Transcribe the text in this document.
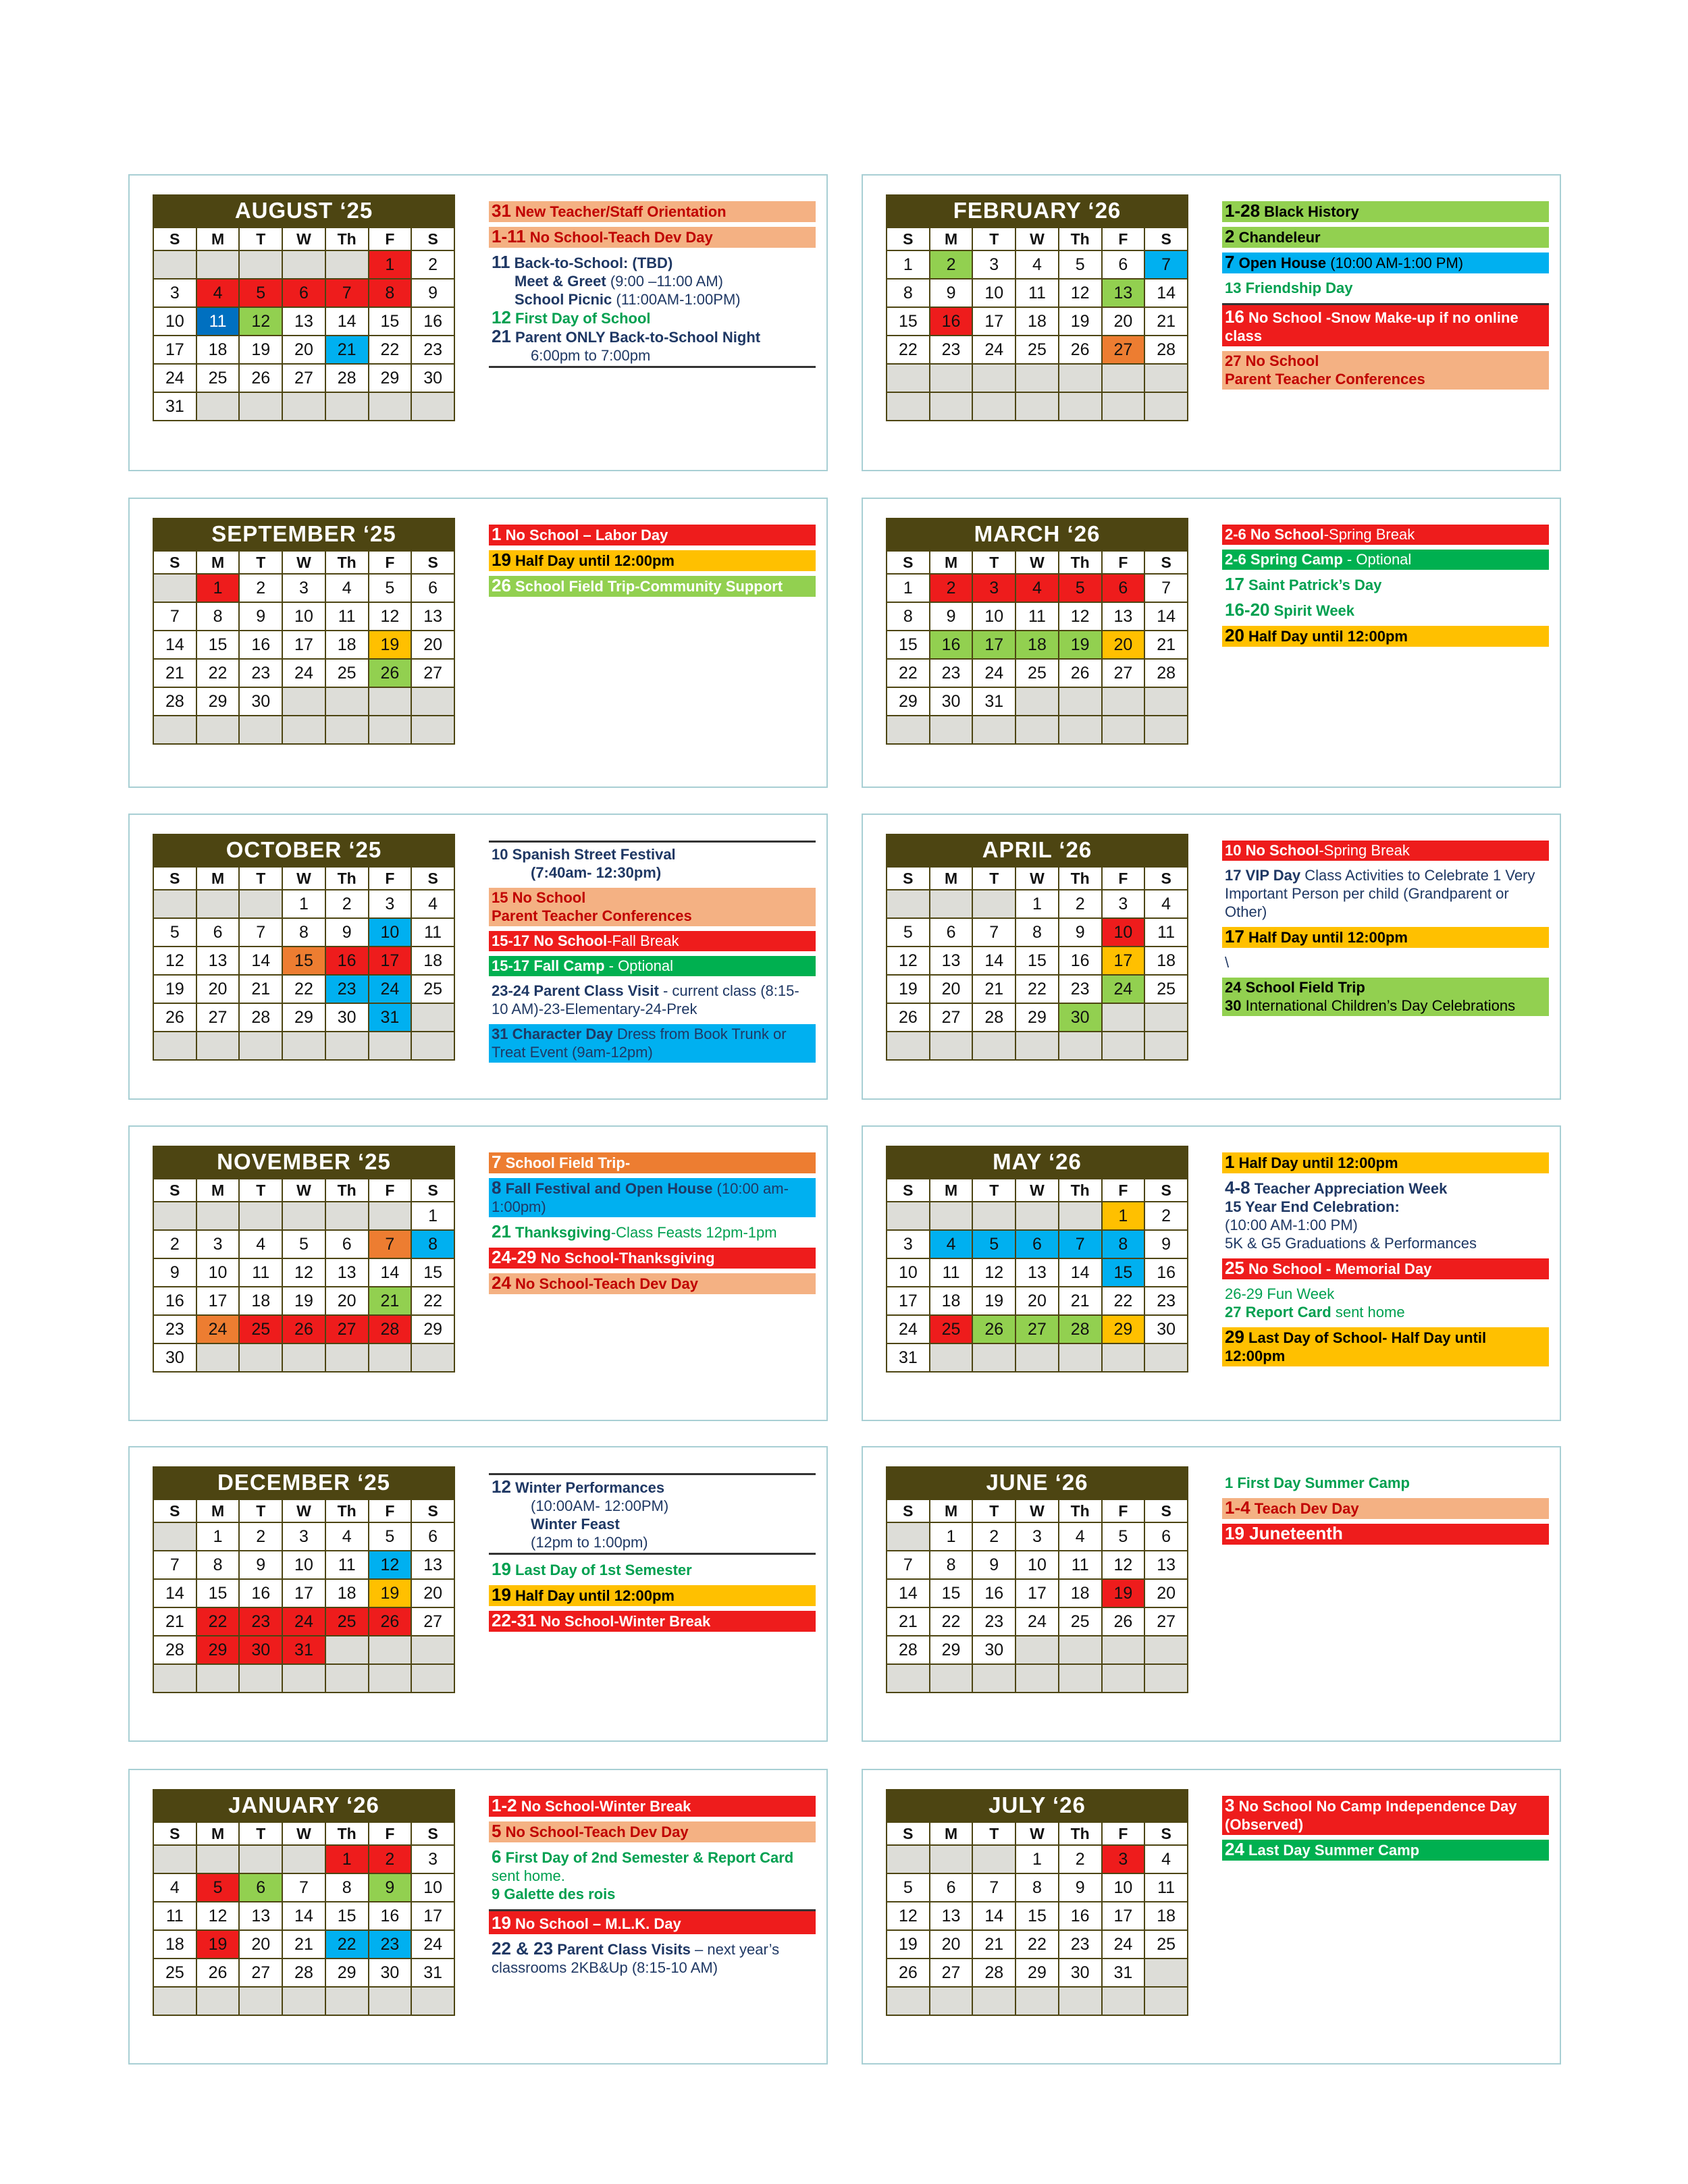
AUGUST ‘25
S	M	T	W	Th	F	S
					1	2
3	4	5	6	7	8	9
10	11	12	13	14	15	16
17	18	19	20	21	22	23
24	25	26	27	28	29	30
31						
31 New Teacher/Staff Orientation
1-11 No School-Teach Dev Day
11 Back-to-School: (TBD)
Meet & Greet (9:00 –11:00 AM)
School Picnic (11:00AM-1:00PM)
12 First Day of School
21 Parent ONLY Back-to-School Night
6:00pm to 7:00pm
FEBRUARY ‘26
S	M	T	W	Th	F	S
1	2	3	4	5	6	7
8	9	10	11	12	13	14
15	16	17	18	19	20	21
22	23	24	25	26	27	28

1-28 Black History
2 Chandeleur
7 Open House (10:00 AM-1:00 PM)
13 Friendship Day
16 No School -Snow Make-up if no online class
27 No School
Parent Teacher Conferences
SEPTEMBER ‘25
S	M	T	W	Th	F	S
	1	2	3	4	5	6
7	8	9	10	11	12	13
14	15	16	17	18	19	20
21	22	23	24	25	26	27
28	29	30				

1 No School – Labor Day
19 Half Day until 12:00pm
26 School Field Trip-Community Support
MARCH ‘26
S	M	T	W	Th	F	S
1	2	3	4	5	6	7
8	9	10	11	12	13	14
15	16	17	18	19	20	21
22	23	24	25	26	27	28
29	30	31				

2-6 No School-Spring Break
2-6 Spring Camp - Optional
17 Saint Patrick’s Day
16-20 Spirit Week
20 Half Day until 12:00pm
OCTOBER ‘25
S	M	T	W	Th	F	S
			1	2	3	4
5	6	7	8	9	10	11
12	13	14	15	16	17	18
19	20	21	22	23	24	25
26	27	28	29	30	31	

10 Spanish Street Festival
(7:40am- 12:30pm)
15 No School
Parent Teacher Conferences
15-17 No School-Fall Break
15-17 Fall Camp - Optional
23-24 Parent Class Visit - current class (8:15-10 AM)-23-Elementary-24-Prek
31 Character Day Dress from Book Trunk or Treat Event (9am-12pm)
APRIL ‘26
S	M	T	W	Th	F	S
			1	2	3	4
5	6	7	8	9	10	11
12	13	14	15	16	17	18
19	20	21	22	23	24	25
26	27	28	29	30		

10 No School-Spring Break
17 VIP Day Class Activities to Celebrate 1 Very Important Person per child (Grandparent or Other)
17 Half Day until 12:00pm
\
24 School Field Trip
30 International Children’s Day Celebrations
NOVEMBER ‘25
S	M	T	W	Th	F	S
						1
2	3	4	5	6	7	8
9	10	11	12	13	14	15
16	17	18	19	20	21	22
23	24	25	26	27	28	29
30						
7 School Field Trip-
8 Fall Festival and Open House (10:00 am-1:00pm)
21 Thanksgiving-Class Feasts 12pm-1pm
24-29 No School-Thanksgiving
24 No School-Teach Dev Day
MAY ‘26
S	M	T	W	Th	F	S
					1	2
3	4	5	6	7	8	9
10	11	12	13	14	15	16
17	18	19	20	21	22	23
24	25	26	27	28	29	30
31						
1 Half Day until 12:00pm
4-8 Teacher Appreciation Week
15 Year End Celebration:
(10:00 AM-1:00 PM)
5K & G5 Graduations & Performances
25 No School - Memorial Day
26-29 Fun Week
27 Report Card sent home
29 Last Day of School- Half Day until 12:00pm
DECEMBER ‘25
S	M	T	W	Th	F	S
	1	2	3	4	5	6
7	8	9	10	11	12	13
14	15	16	17	18	19	20
21	22	23	24	25	26	27
28	29	30	31			

12 Winter Performances
(10:00AM- 12:00PM)
Winter Feast
(12pm to 1:00pm)
19 Last Day of 1st Semester
19 Half Day until 12:00pm
22-31 No School-Winter Break
JUNE ‘26
S	M	T	W	Th	F	S
	1	2	3	4	5	6
7	8	9	10	11	12	13
14	15	16	17	18	19	20
21	22	23	24	25	26	27
28	29	30				

1 First Day Summer Camp
1-4 Teach Dev Day
19 Juneteenth
JANUARY ‘26
S	M	T	W	Th	F	S
				1	2	3
4	5	6	7	8	9	10
11	12	13	14	15	16	17
18	19	20	21	22	23	24
25	26	27	28	29	30	31

1-2 No School-Winter Break
5 No School-Teach Dev Day
6 First Day of 2nd Semester & Report Card sent home.
9 Galette des rois
19 No School – M.L.K. Day
22 & 23 Parent Class Visits – next year’s classrooms 2KB&Up (8:15-10 AM)
JULY ‘26
S	M	T	W	Th	F	S
			1	2	3	4
5	6	7	8	9	10	11
12	13	14	15	16	17	18
19	20	21	22	23	24	25
26	27	28	29	30	31	

3 No School No Camp Independence Day (Observed)
24 Last Day Summer Camp
